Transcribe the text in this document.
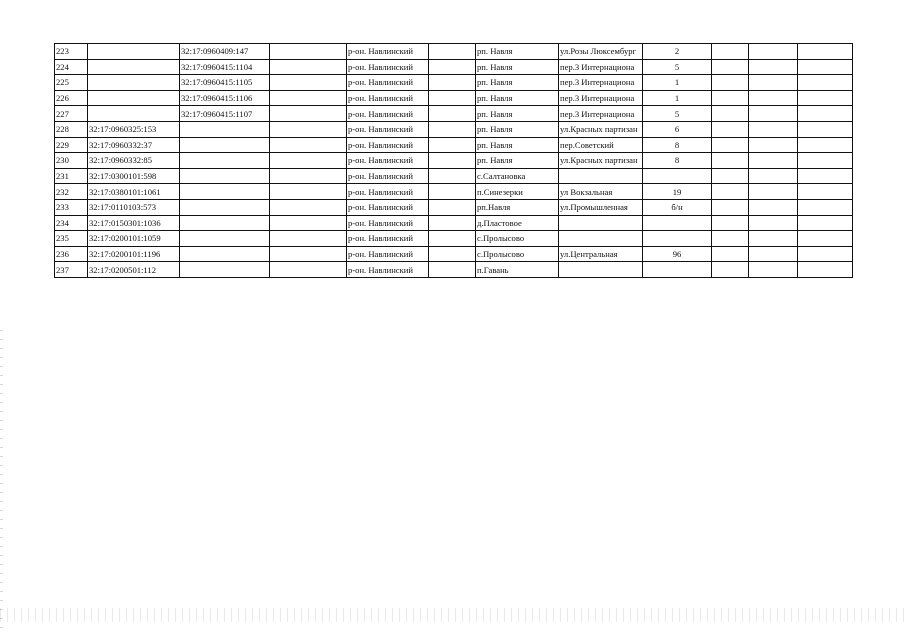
223		32:17:0960409:147		р-он. Навлинский		рп. Навля	ул.Розы Люксембург	2			
224		32:17:0960415:1104		р-он. Навлинский		рп. Навля	пер.3 Интернациона	5			
225		32:17:0960415:1105		р-он. Навлинский		рп. Навля	пер.3 Интернациона	1			
226		32:17:0960415:1106		р-он. Навлинский		рп. Навля	пер.3 Интернациона	1			
227		32:17:0960415:1107		р-он. Навлинский		рп. Навля	пер.3 Интернациона	5			
228	32:17:0960325:153			р-он. Навлинский		рп. Навля	ул.Красных партизан	6			
229	32:17:0960332:37			р-он. Навлинский		рп. Навля	пер.Советский	8			
230	32:17:0960332:85			р-он. Навлинский		рп. Навля	ул.Красных партизан	8			
231	32:17:0300101:598			р-он. Навлинский		с.Салтановка					
232	32:17:0380101:1061			р-он. Навлинский		п.Синезерки	ул Вокзальная	19			
233	32:17:0110103:573			р-он. Навлинский		рп.Навля	ул.Промышленная	б/н			
234	32:17:0150301:1036			р-он. Навлинский		д.Пластовое					
235	32:17:0200101:1059			р-он. Навлинский		с.Пролысово					
236	32:17:0200101:1196			р-он. Навлинский		с.Пролысово	ул.Центральная	96			
237	32:17:0200501:112			р-он. Навлинский		п.Гавань					
